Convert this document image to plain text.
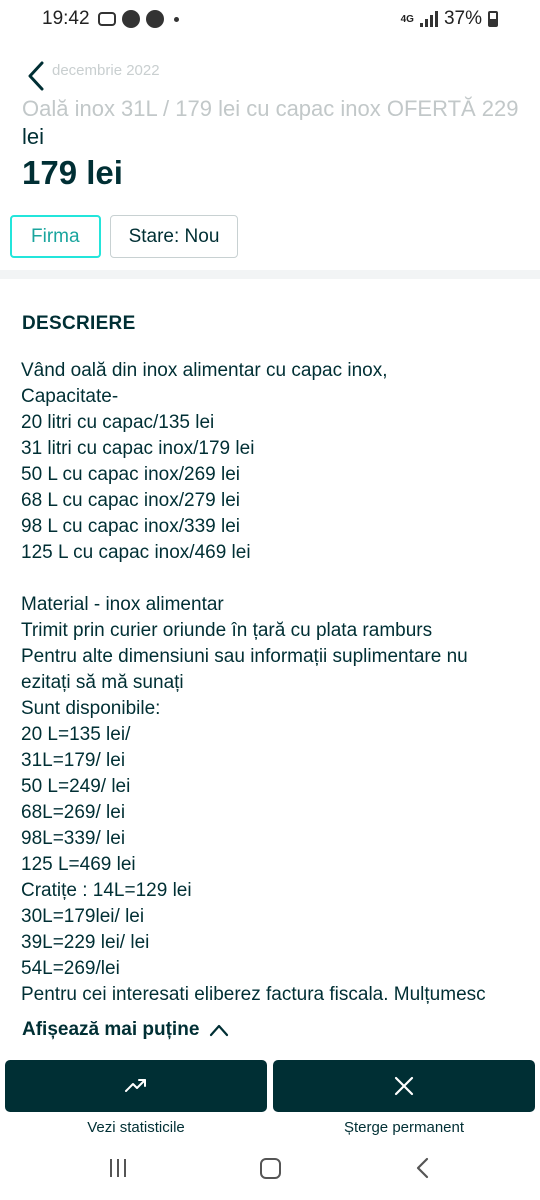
19:42	4G 37%
decembrie 2022
Oală inox 31L / 179 lei cu capac inox OFERTĂ 229
lei
179 lei
Firma	Stare: Nou
DESCRIERE
Vând oală din inox alimentar cu capac inox,
Capacitate-
20 litri cu capac/135 lei
31 litri cu capac inox/179 lei
50 L cu capac inox/269 lei
68 L cu capac inox/279 lei
98 L cu capac inox/339 lei
125 L cu capac inox/469 lei
Material - inox alimentar
Trimit prin curier oriunde în țară cu plata ramburs
Pentru alte dimensiuni sau informații suplimentare nu
ezitați să mă sunați
Sunt disponibile:
20 L=135 lei/
31L=179/ lei
50 L=249/ lei
68L=269/ lei
98L=339/ lei
125 L=469 lei
Cratițe : 14L=129 lei
30L=179lei/ lei
39L=229 lei/ lei
54L=269/lei
Pentru cei interesati eliberez factura fiscala. Mulțumesc
Afișează mai puține
Vezi statisticile	Șterge permanent
